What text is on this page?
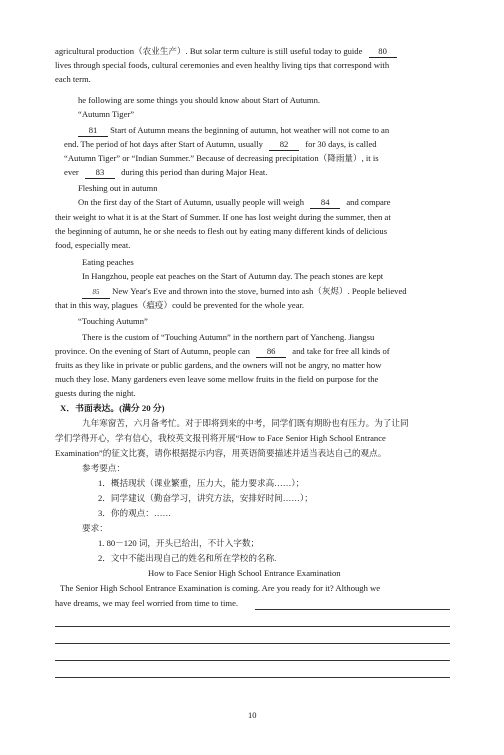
agricultural production（农业生产）. But solar term culture is still useful today to guide 80
lives through special foods, cultural ceremonies and even healthy living tips that correspond with
each term.
he following are some things you should know about Start of Autumn.
“Autumn Tiger”
81 Start of Autumn means the beginning of autumn, hot weather will not come to an
end. The period of hot days after Start of Autumn, usually 82 for 30 days, is called
“Autumn Tiger” or “Indian Summer.” Because of decreasing precipitation（降雨量）, it is
ever 83 during this period than during Major Heat.
Fleshing out in autumn
On the first day of the Start of Autumn, usually people will weigh 84 and compare
their weight to what it is at the Start of Summer. If one has lost weight during the summer, then at
the beginning of autumn, he or she needs to flesh out by eating many different kinds of delicious
food, especially meat.
Eating peaches
In Hangzhou, people eat peaches on the Start of Autumn day. The peach stones are kept
85 New Year's Eve and thrown into the stove, burned into ash（灰烬）. People believed
that in this way, plagues（瘟疫）could be prevented for the whole year.
“Touching Autumn”
There is the custom of “Touching Autumn” in the northern part of Yancheng. Jiangsu
province. On the evening of Start of Autumn, people can 86 and take for free all kinds of
fruits as they like in private or public gardens, and the owners will not be angry, no matter how
much they lose. Many gardeners even leave some mellow fruits in the field on purpose for the
guests during the night.
X．书面表达。(满分 20 分)
九年寒窗苦，六月备考忙。对于即将到来的中考，同学们既有期盼也有压力。为了让同
学们学得开心，学有信心，我校英文报刊将开展“How to Face Senior High School Entrance
Examination”的征文比赛，请你根据提示内容，用英语简要描述并适当表达自己的观点。
参考要点：
1．概括现状（课业繁重，压力大，能力要求高……）；
2．同学建议（勤奋学习，讲究方法，安排好时间……）；
3．你的观点：……
要求：
1. 80－120 词，开头已给出，不计入字数；
2．文中不能出现自己的姓名和所在学校的名称.
How to Face Senior High School Entrance Examination
The Senior High School Entrance Examination is coming. Are you ready for it? Although we
have dreams, we may feel worried from time to time.
10
